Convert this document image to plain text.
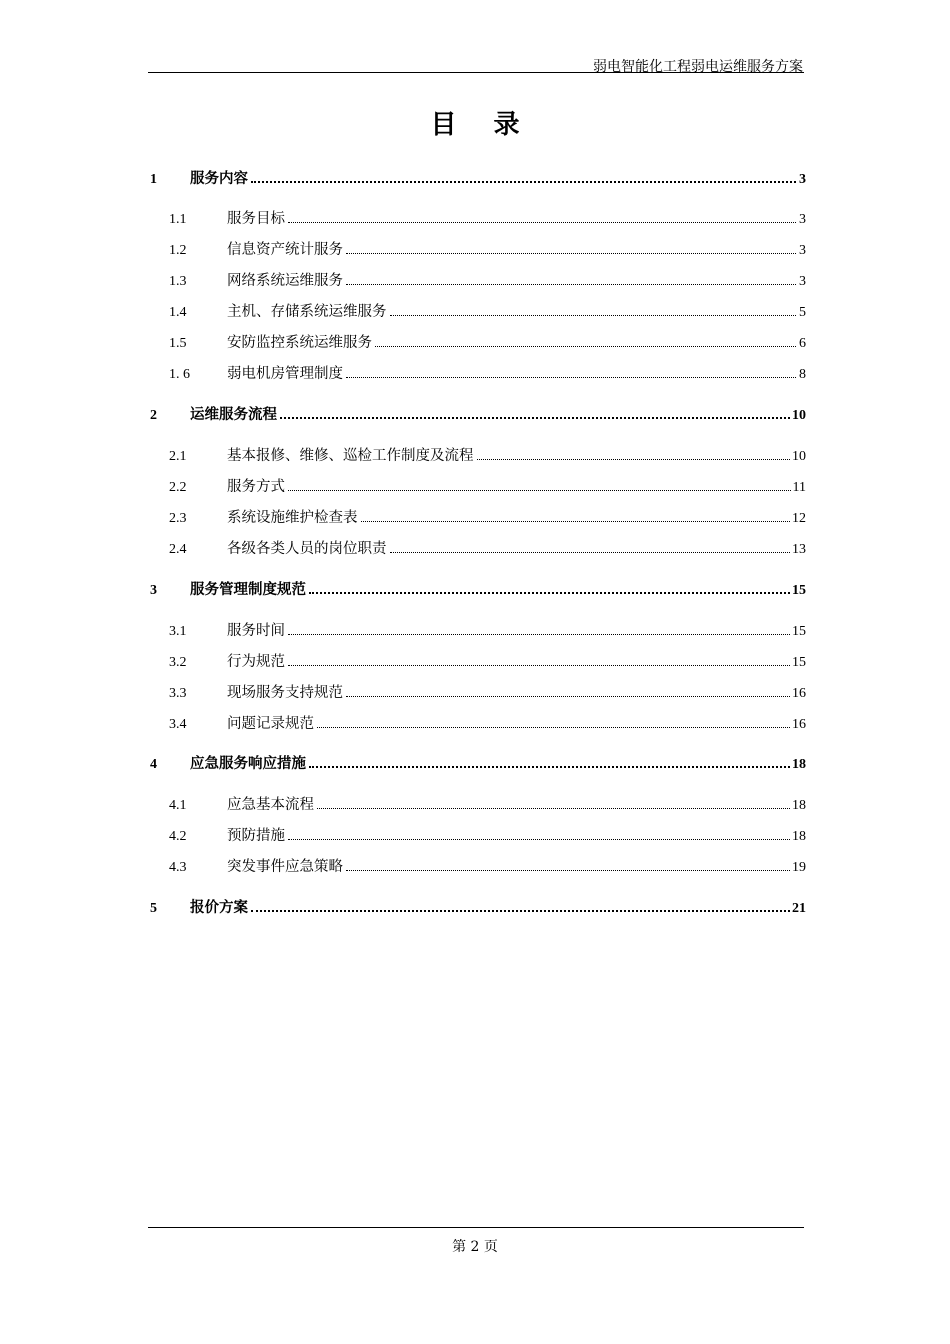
弱电智能化工程弱电运维服务方案
目 录
1	服务内容	3
1.1	服务目标	3
1.2	信息资产统计服务	3
1.3	网络系统运维服务	3
1.4	主机、存储系统运维服务	5
1.5	安防监控系统运维服务	6
1. 6	弱电机房管理制度	8
2	运维服务流程	10
2.1	基本报修、维修、巡检工作制度及流程	10
2.2	服务方式	11
2.3	系统设施维护检查表	12
2.4	各级各类人员的岗位职责	13
3	服务管理制度规范	15
3.1	服务时间	15
3.2	行为规范	15
3.3	现场服务支持规范	16
3.4	问题记录规范	16
4	应急服务响应措施	18
4.1	应急基本流程	18
4.2	预防措施	18
4.3	突发事件应急策略	19
5	报价方案	21
第 2 页
